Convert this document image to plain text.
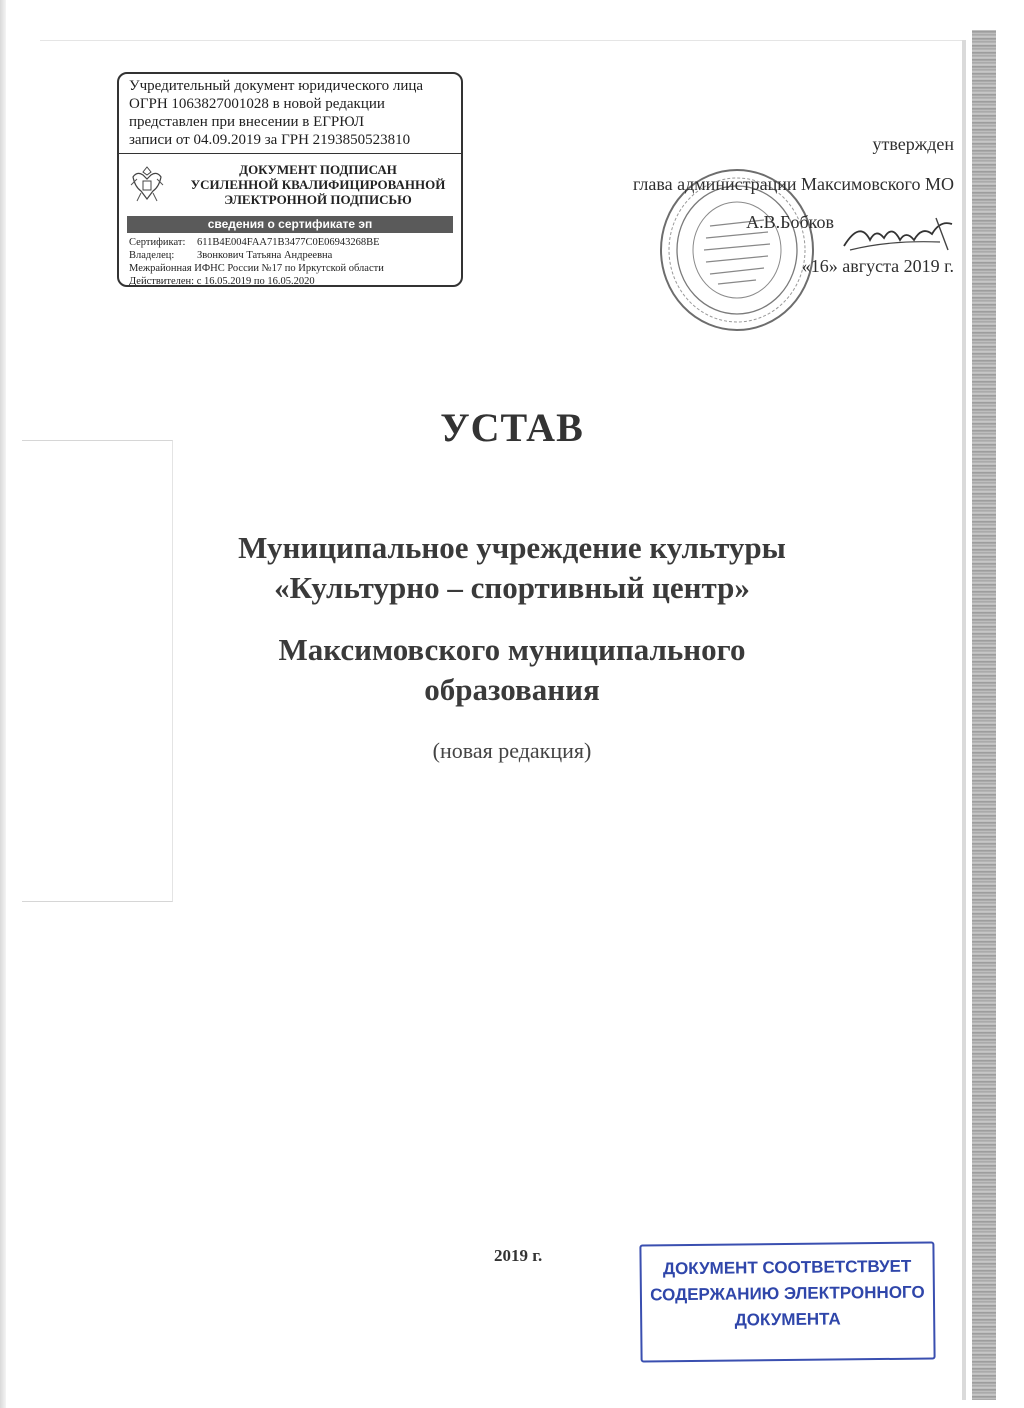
Учредительный документ юридического лица
ОГРН 1063827001028 в новой редакции
представлен при внесении в ЕГРЮЛ
записи от 04.09.2019 за ГРН 2193850523810
ДОКУМЕНТ ПОДПИСАН
УСИЛЕННОЙ КВАЛИФИЦИРОВАННОЙ
ЭЛЕКТРОННОЙ ПОДПИСЬЮ
сведения о сертификате эп
Сертификат:	611B4E004FAA71B3477C0E06943268BE
Владелец:	Звонкович Татьяна Андреевна
Межрайонная ИФНС России №17 по Иркутской области
Действителен:
с 16.05.2019 по 16.05.2020
утвержден
глава администрации Максимовского МО
А.В.Бобков
«16» августа 2019 г.
УСТАВ
Муниципальное учреждение культуры
«Культурно – спортивный центр»
Максимовского муниципального
образования
(новая редакция)
2019 г.
ДОКУМЕНТ СООТВЕТСТВУЕТ
СОДЕРЖАНИЮ ЭЛЕКТРОННОГО
ДОКУМЕНТА
